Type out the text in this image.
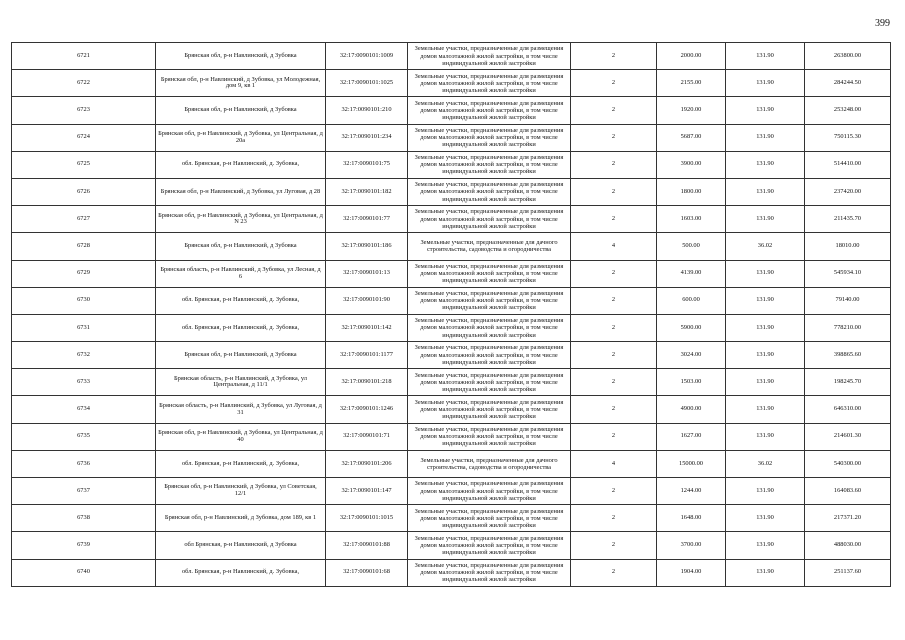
399
6721	Брянская обл, р-н Навлинский, д Зубовка	32:17:0090101:1009	Земельные участки, предназначенные для размещения домов малоэтажной жилой застройки, в том числе индивидуальной жилой застройки	2	2000.00	131.90	263800.00
6722	Брянская обл, р-н Навлинский, д Зубовка, ул Молодежная, дом 9, кв 1	32:17:0090101:1025	Земельные участки, предназначенные для размещения домов малоэтажной жилой застройки, в том числе индивидуальной жилой застройки	2	2155.00	131.90	284244.50
6723	Брянская обл, р-н Навлинский, д Зубовка	32:17:0090101:210	Земельные участки, предназначенные для размещения домов малоэтажной жилой застройки, в том числе индивидуальной жилой застройки	2	1920.00	131.90	253248.00
6724	Брянская обл, р-н Навлинский, д Зубовка, ул Центральная, д 20а	32:17:0090101:234	Земельные участки, предназначенные для размещения домов малоэтажной жилой застройки, в том числе индивидуальной жилой застройки	2	5687.00	131.90	750115.30
6725	обл. Брянская, р-н Навлинский, д. Зубовка,	32:17:0090101:75	Земельные участки, предназначенные для размещения домов малоэтажной жилой застройки, в том числе индивидуальной жилой застройки	2	3900.00	131.90	514410.00
6726	Брянская обл, р-н Навлинский, д Зубовка, ул Луговая, д 28	32:17:0090101:182	Земельные участки, предназначенные для размещения домов малоэтажной жилой застройки, в том числе индивидуальной жилой застройки	2	1800.00	131.90	237420.00
6727	Брянская обл, р-н Навлинский, д Зубовка, ул Центральная, д N 23	32:17:0090101:77	Земельные участки, предназначенные для размещения домов малоэтажной жилой застройки, в том числе индивидуальной жилой застройки	2	1603.00	131.90	211435.70
6728	Брянская обл, р-н Навлинский, д Зубовка	32:17:0090101:186	Земельные участки, предназначенные для дачного строительства, садоводства и огородничества	4	500.00	36.02	18010.00
6729	Брянская область, р-н Навлинский, д Зубовка, ул Лесная, д 6	32:17:0090101:13	Земельные участки, предназначенные для размещения домов малоэтажной жилой застройки, в том числе индивидуальной жилой застройки	2	4139.00	131.90	545934.10
6730	обл. Брянская, р-н Навлинский, д. Зубовка,	32:17:0090101:90	Земельные участки, предназначенные для размещения домов малоэтажной жилой застройки, в том числе индивидуальной жилой застройки	2	600.00	131.90	79140.00
6731	обл. Брянская, р-н Навлинский, д. Зубовка,	32:17:0090101:142	Земельные участки, предназначенные для размещения домов малоэтажной жилой застройки, в том числе индивидуальной жилой застройки	2	5900.00	131.90	778210.00
6732	Брянская обл, р-н Навлинский, д Зубовка	32:17:0090101:1177	Земельные участки, предназначенные для размещения домов малоэтажной жилой застройки, в том числе индивидуальной жилой застройки	2	3024.00	131.90	398865.60
6733	Брянская область, р-н Навлинский, д Зубовка, ул Центральная, д 11/1	32:17:0090101:218	Земельные участки, предназначенные для размещения домов малоэтажной жилой застройки, в том числе индивидуальной жилой застройки	2	1503.00	131.90	198245.70
6734	Брянская область, р-н Навлинский, д Зубовка, ул Луговая, д 31	32:17:0090101:1246	Земельные участки, предназначенные для размещения домов малоэтажной жилой застройки, в том числе индивидуальной жилой застройки	2	4900.00	131.90	646310.00
6735	Брянская обл, р-н Навлинский, д Зубовка, ул Центральная, д 40	32:17:0090101:71	Земельные участки, предназначенные для размещения домов малоэтажной жилой застройки, в том числе индивидуальной жилой застройки	2	1627.00	131.90	214601.30
6736	обл. Брянская, р-н Навлинский, д. Зубовка,	32:17:0090101:206	Земельные участки, предназначенные для дачного строительства, садоводства и огородничества	4	15000.00	36.02	540300.00
6737	Брянская обл, р-н Навлинский, д Зубовка, ул Советская, 12/1	32:17:0090101:147	Земельные участки, предназначенные для размещения домов малоэтажной жилой застройки, в том числе индивидуальной жилой застройки	2	1244.00	131.90	164083.60
6738	Брянская обл, р-н Навлинский, д Зубовка, дом 189, кв 1	32:17:0090101:1015	Земельные участки, предназначенные для размещения домов малоэтажной жилой застройки, в том числе индивидуальной жилой застройки	2	1648.00	131.90	217371.20
6739	обл Брянская, р-н Навлинский, д Зубовка	32:17:0090101:88	Земельные участки, предназначенные для размещения домов малоэтажной жилой застройки, в том числе индивидуальной жилой застройки	2	3700.00	131.90	488030.00
6740	обл. Брянская, р-н Навлинский, д. Зубовка,	32:17:0090101:68	Земельные участки, предназначенные для размещения домов малоэтажной жилой застройки, в том числе индивидуальной жилой застройки	2	1904.00	131.90	251137.60
